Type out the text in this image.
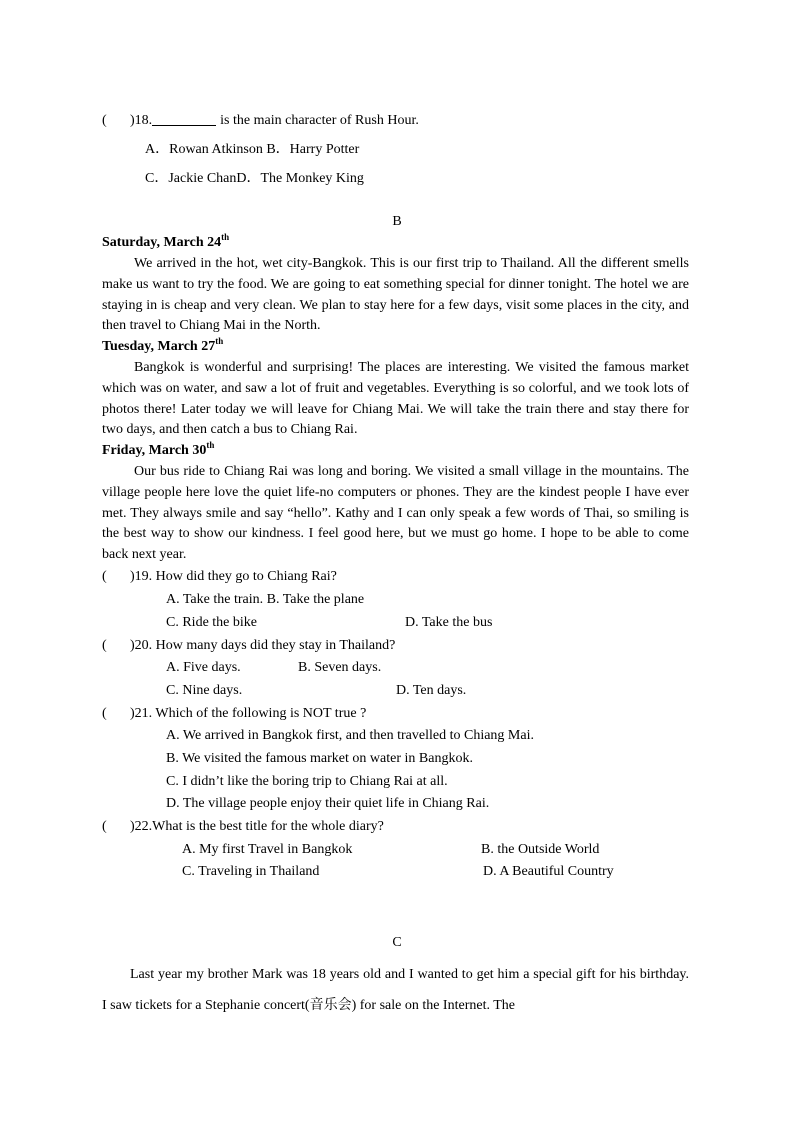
( )18.	is the main character of Rush Hour.
A．Rowan Atkinson B．Harry Potter
C．Jackie ChanD．The Monkey King
B
Saturday, March 24th

We arrived in the hot, wet city-Bangkok. This is our first trip to Thailand. All the different smells make us want to try the food. We are going to eat something special for dinner tonight. The hotel we are staying in is cheap and very clean. We plan to stay here for a few days, visit some places in the city, and then travel to Chiang Mai in the North.

Tuesday, March 27th

Bangkok is wonderful and surprising! The places are interesting. We visited the famous market which was on water, and saw a lot of fruit and vegetables. Everything is so colorful, and we took lots of photos there! Later today we will leave for Chiang Mai. We will take the train there and stay there for two days, and then catch a bus to Chiang Rai.

Friday, March 30th

Our bus ride to Chiang Rai was long and boring. We visited a small village in the mountains. The village people here love the quiet life-no computers or phones. They are the kindest people I have ever met. They always smile and say “hello”. Kathy and I can only speak a few words of Thai, so smiling is the best way to show our kindness. I feel good here, but we must go home. I hope to be able to come back next year.

( )19. How did they go to Chiang Rai?
A. Take the train. B. Take the plane
C. Ride the bike	D. Take the bus
( )20. How many days did they stay in Thailand?
A. Five days.	B. Seven days.
C. Nine days.	D. Ten days.
( )21. Which of the following is NOT true ?
A. We arrived in Bangkok first, and then travelled to Chiang Mai.
B. We visited the famous market on water in Bangkok.
C. I didn’t like the boring trip to Chiang Rai at all.
D. The village people enjoy their quiet life in Chiang Rai.
( )22.What is the best title for the whole diary?
A. My first Travel in Bangkok	B. the Outside World
C. Traveling in Thailand	D. A Beautiful Country
C

Last year my brother Mark was 18 years old and I wanted to get him a special gift for his birthday. I saw tickets for a Stephanie concert(音乐会) for sale on the Internet. The
